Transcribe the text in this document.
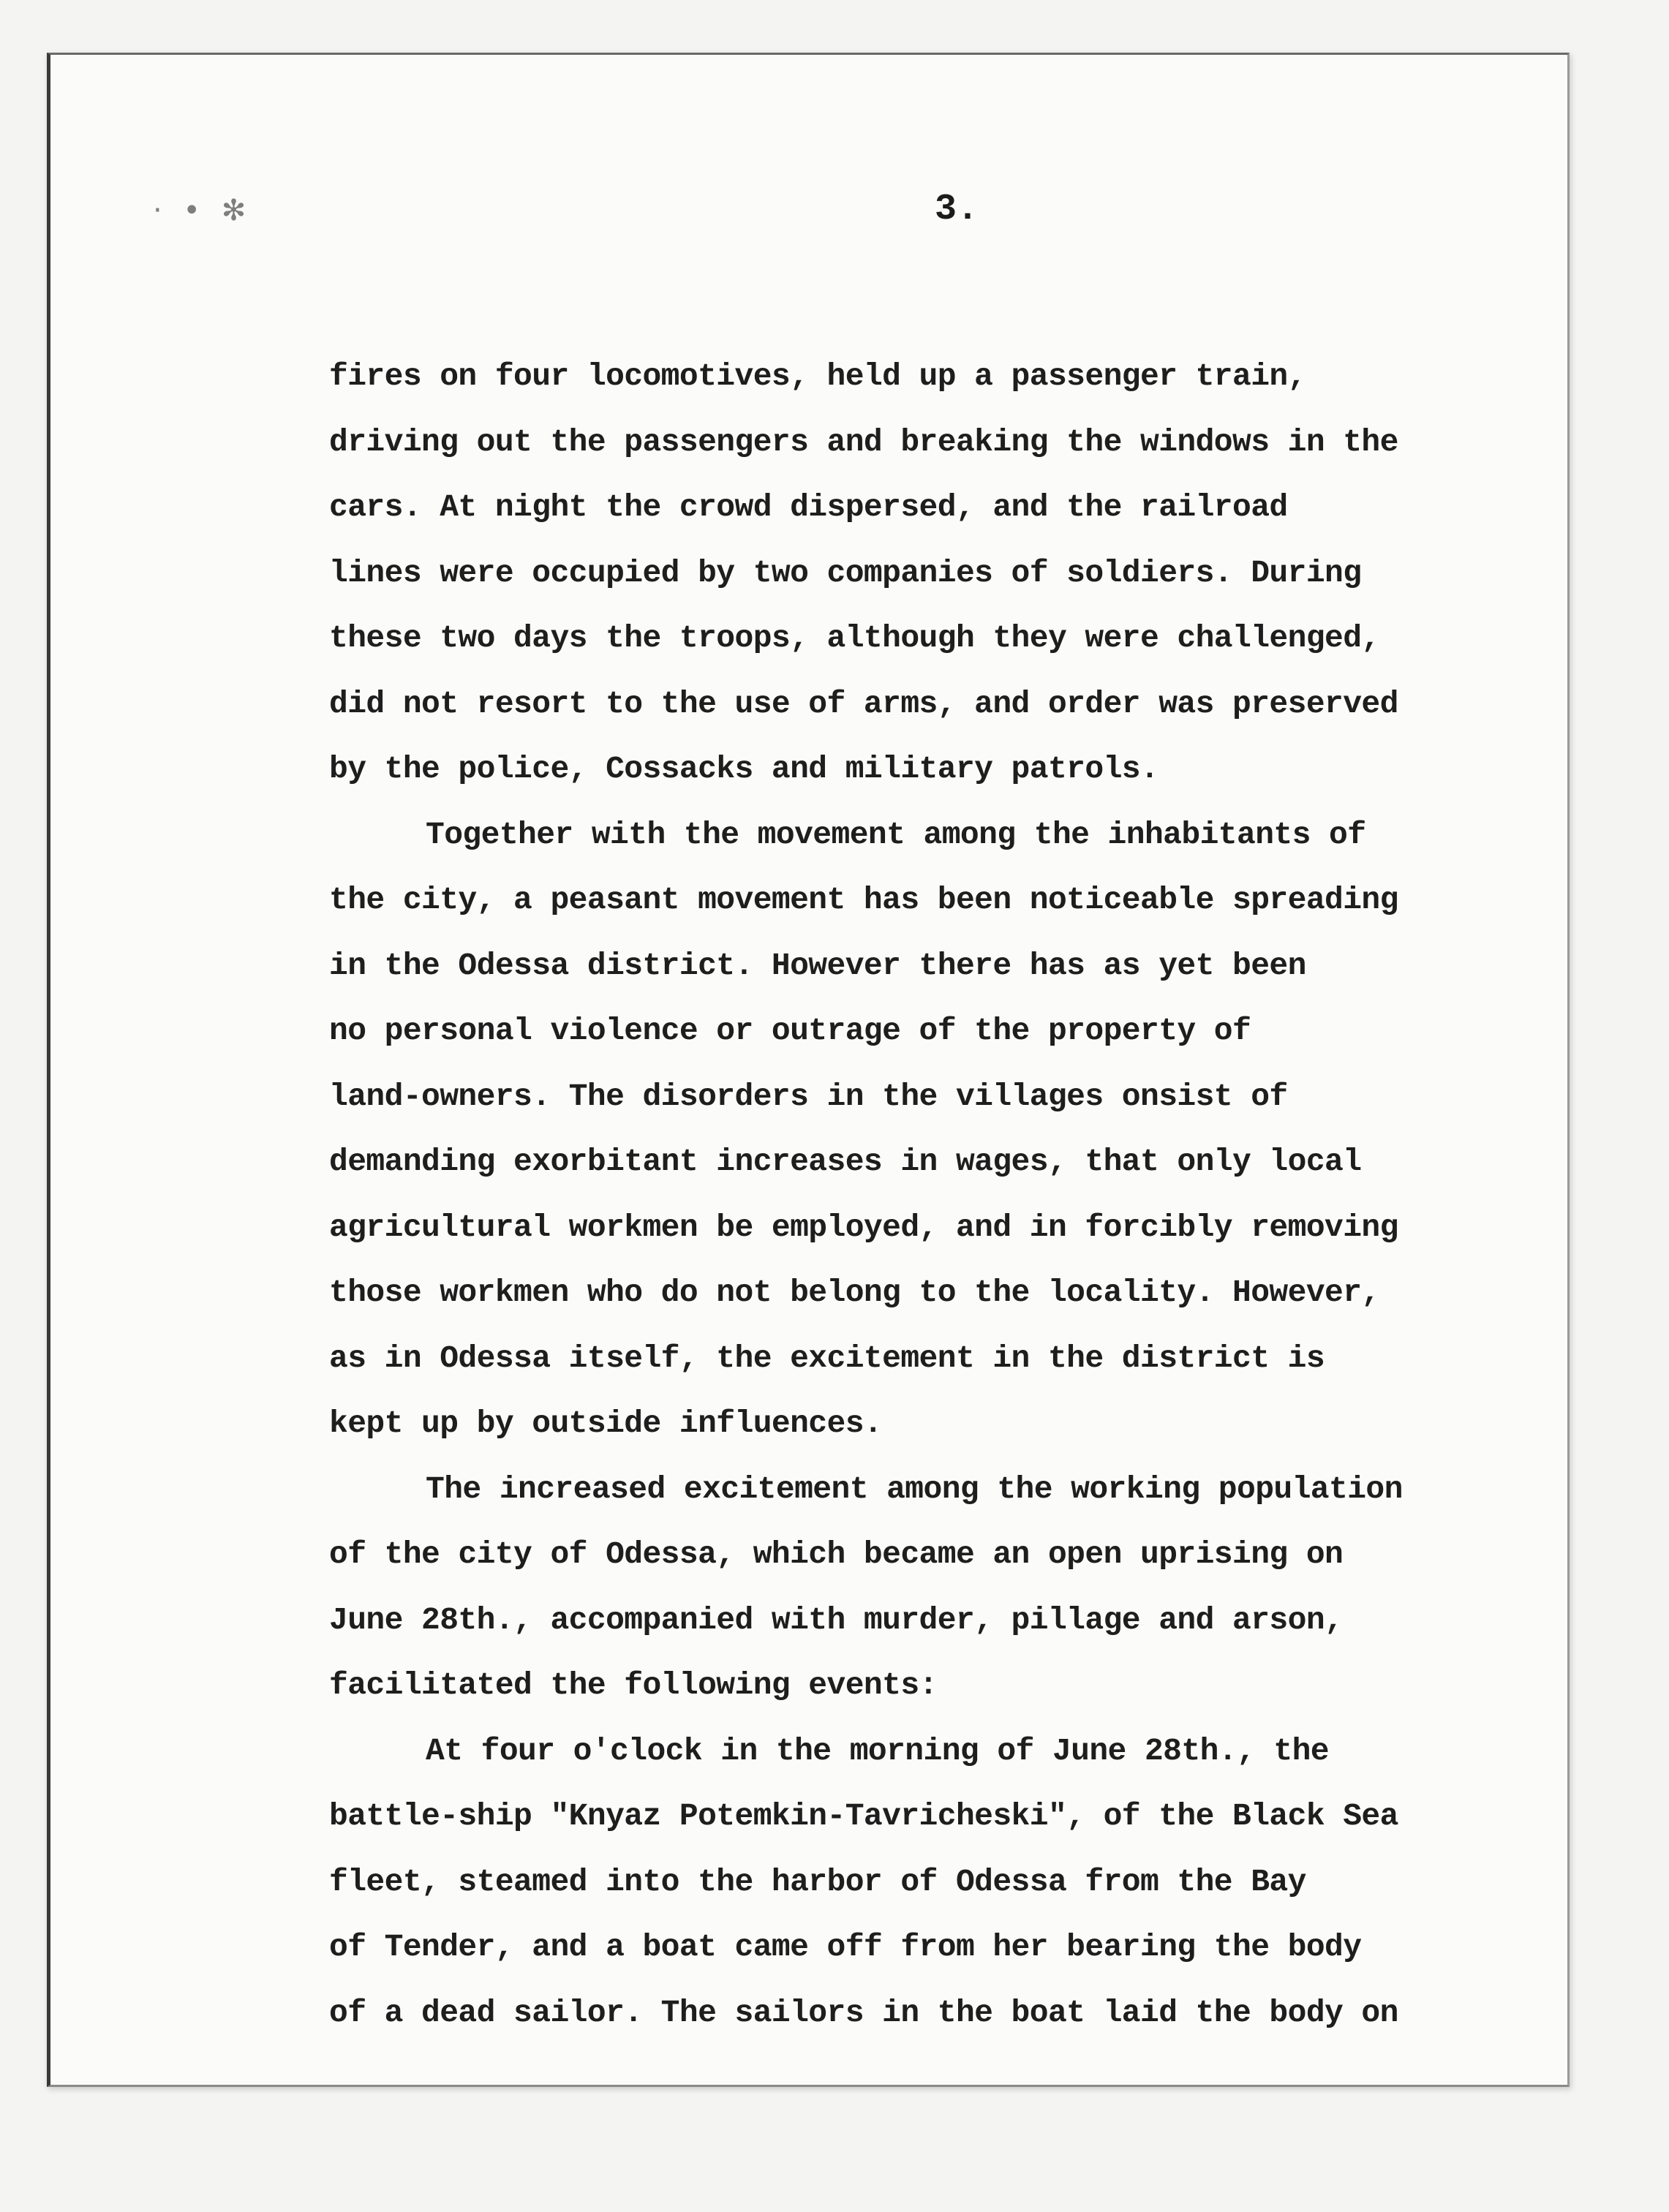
· • ✻	3.

fires on four locomotives, held up a passenger train,
driving out the passengers and breaking the windows in the
cars. At night the crowd dispersed, and the railroad
lines were occupied by two companies of soldiers. During
these two days the troops, although they were challenged,
did not resort to the use of arms, and order was preserved
by the police, Cossacks and military patrols.
Together with the movement among the inhabitants of
the city, a peasant movement has been noticeable spreading
in the Odessa district. However there has as yet been
no personal violence or outrage of the property of
land-owners. The disorders in the villages onsist of
demanding exorbitant increases in wages, that only local
agricultural workmen be employed, and in forcibly removing
those workmen who do not belong to the locality. However,
as in Odessa itself, the excitement in the district is
kept up by outside influences.
The increased excitement among the working population
of the city of Odessa, which became an open uprising on
June 28th., accompanied with murder, pillage and arson,
facilitated the following events:
At four o'clock in the morning of June 28th., the
battle-ship "Knyaz Potemkin-Tavricheski", of the Black Sea
fleet, steamed into the harbor of Odessa from the Bay
of Tender, and a boat came off from her bearing the body
of a dead sailor. The sailors in the boat laid the body on
